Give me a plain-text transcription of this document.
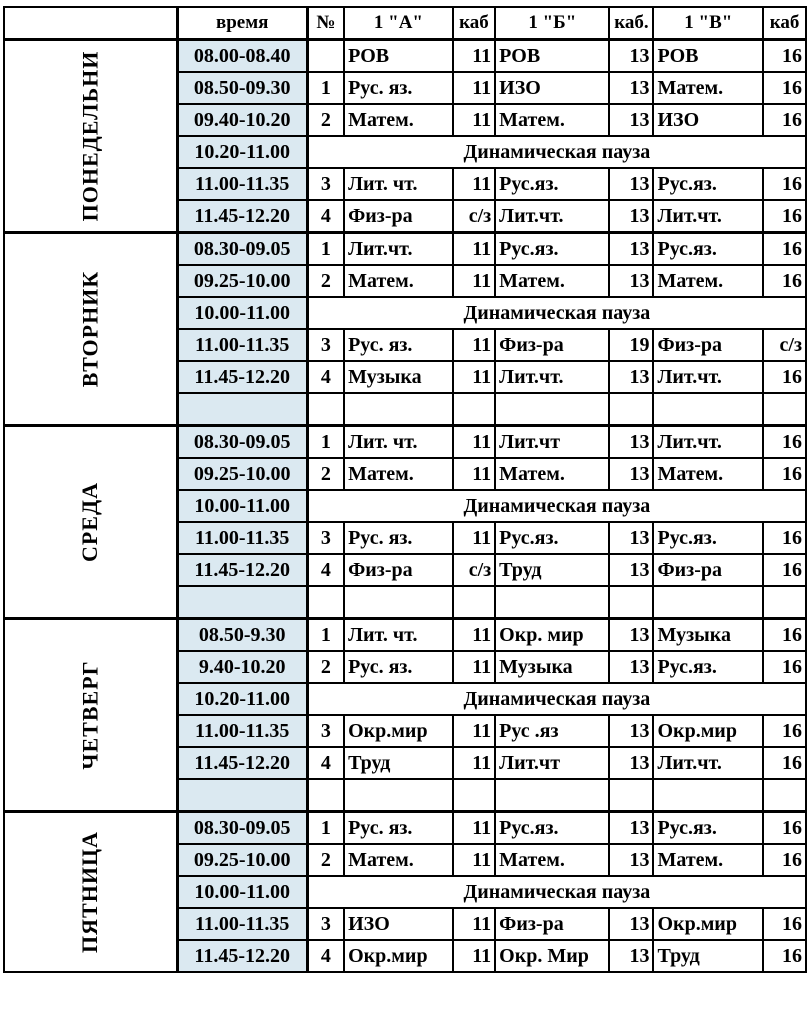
	время	№	1 "А"	каб	1 "Б"	каб.	1 "В"	каб
ПОНЕДЕЛЬНИ	08.00-08.40		РОВ	11	РОВ	13	РОВ	16
	08.50-09.30	1	Рус. яз.	11	ИЗО	13	Матем.	16
	09.40-10.20	2	Матем.	11	Матем.	13	ИЗО	16
	10.20-11.00	Динамическая пауза						
	11.00-11.35	3	Лит. чт.	11	Рус.яз.	13	Рус.яз.	16
	11.45-12.20	4	Физ-ра	с/з	Лит.чт.	13	Лит.чт.	16
ВТОРНИК	08.30-09.05	1	Лит.чт.	11	Рус.яз.	13	Рус.яз.	16
	09.25-10.00	2	Матем.	11	Матем.	13	Матем.	16
	10.00-11.00	Динамическая пауза						
	11.00-11.35	3	Рус. яз.	11	Физ-ра	19	Физ-ра	с/з
	11.45-12.20	4	Музыка	11	Лит.чт.	13	Лит.чт.	16

СРЕДА	08.30-09.05	1	Лит. чт.	11	Лит.чт	13	Лит.чт.	16
	09.25-10.00	2	Матем.	11	Матем.	13	Матем.	16
	10.00-11.00	Динамическая пауза						
	11.00-11.35	3	Рус. яз.	11	Рус.яз.	13	Рус.яз.	16
	11.45-12.20	4	Физ-ра	с/з	Труд	13	Физ-ра	16

ЧЕТВЕРГ	08.50-9.30	1	Лит. чт.	11	Окр. мир	13	Музыка	16
	9.40-10.20	2	Рус. яз.	11	Музыка	13	Рус.яз.	16
	10.20-11.00	Динамическая пауза						
	11.00-11.35	3	Окр.мир	11	Рус .яз	13	Окр.мир	16
	11.45-12.20	4	Труд	11	Лит.чт	13	Лит.чт.	16

ПЯТНИЦА	08.30-09.05	1	Рус. яз.	11	Рус.яз.	13	Рус.яз.	16
	09.25-10.00	2	Матем.	11	Матем.	13	Матем.	16
	10.00-11.00	Динамическая пауза						
	11.00-11.35	3	ИЗО	11	Физ-ра	13	Окр.мир	16
	11.45-12.20	4	Окр.мир	11	Окр. Мир	13	Труд	16
